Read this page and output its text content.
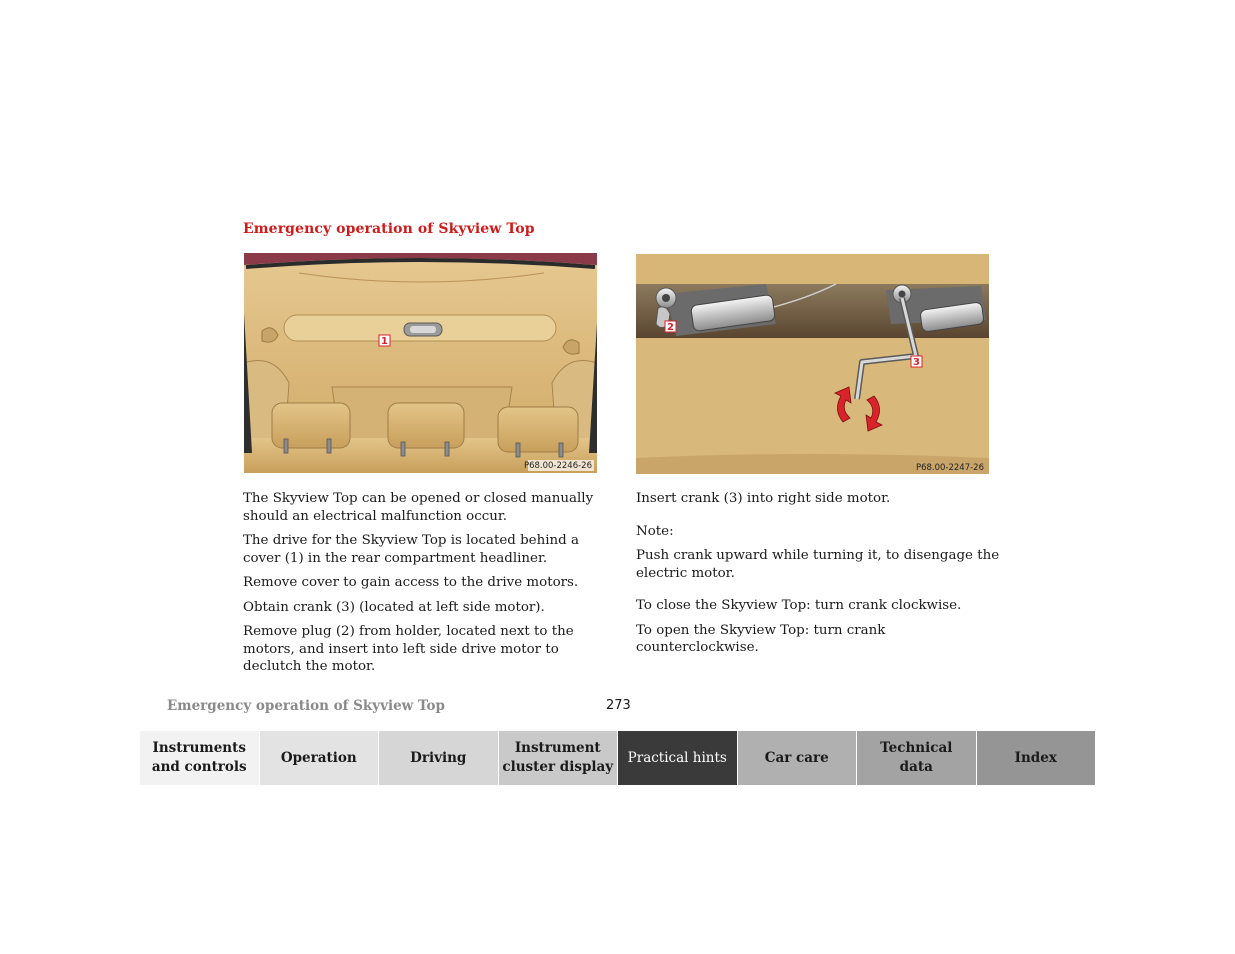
Emergency operation of Skyview Top
1
P68.00-2246-26
2
3
P68.00-2247-26

The Skyview Top can be opened or closed manually should an electrical malfunction occur.

The drive for the Skyview Top is located behind a cover (1) in the rear compartment headliner.

Remove cover to gain access to the drive motors.

Obtain crank (3) (located at left side motor).

Remove plug (2) from holder, located next to the motors, and insert into left side drive motor to declutch the motor.

Insert crank (3) into right side motor.

Note:

Push crank upward while turning it, to disengage the electric motor.

To close the Skyview Top: turn crank clockwise.

To open the Skyview Top: turn crank counterclockwise.

Emergency operation of Skyview Top	273
Instruments
and controls
Operation	Driving
Instrument
cluster display
Practical hints	Car care
Technical
data
Index
